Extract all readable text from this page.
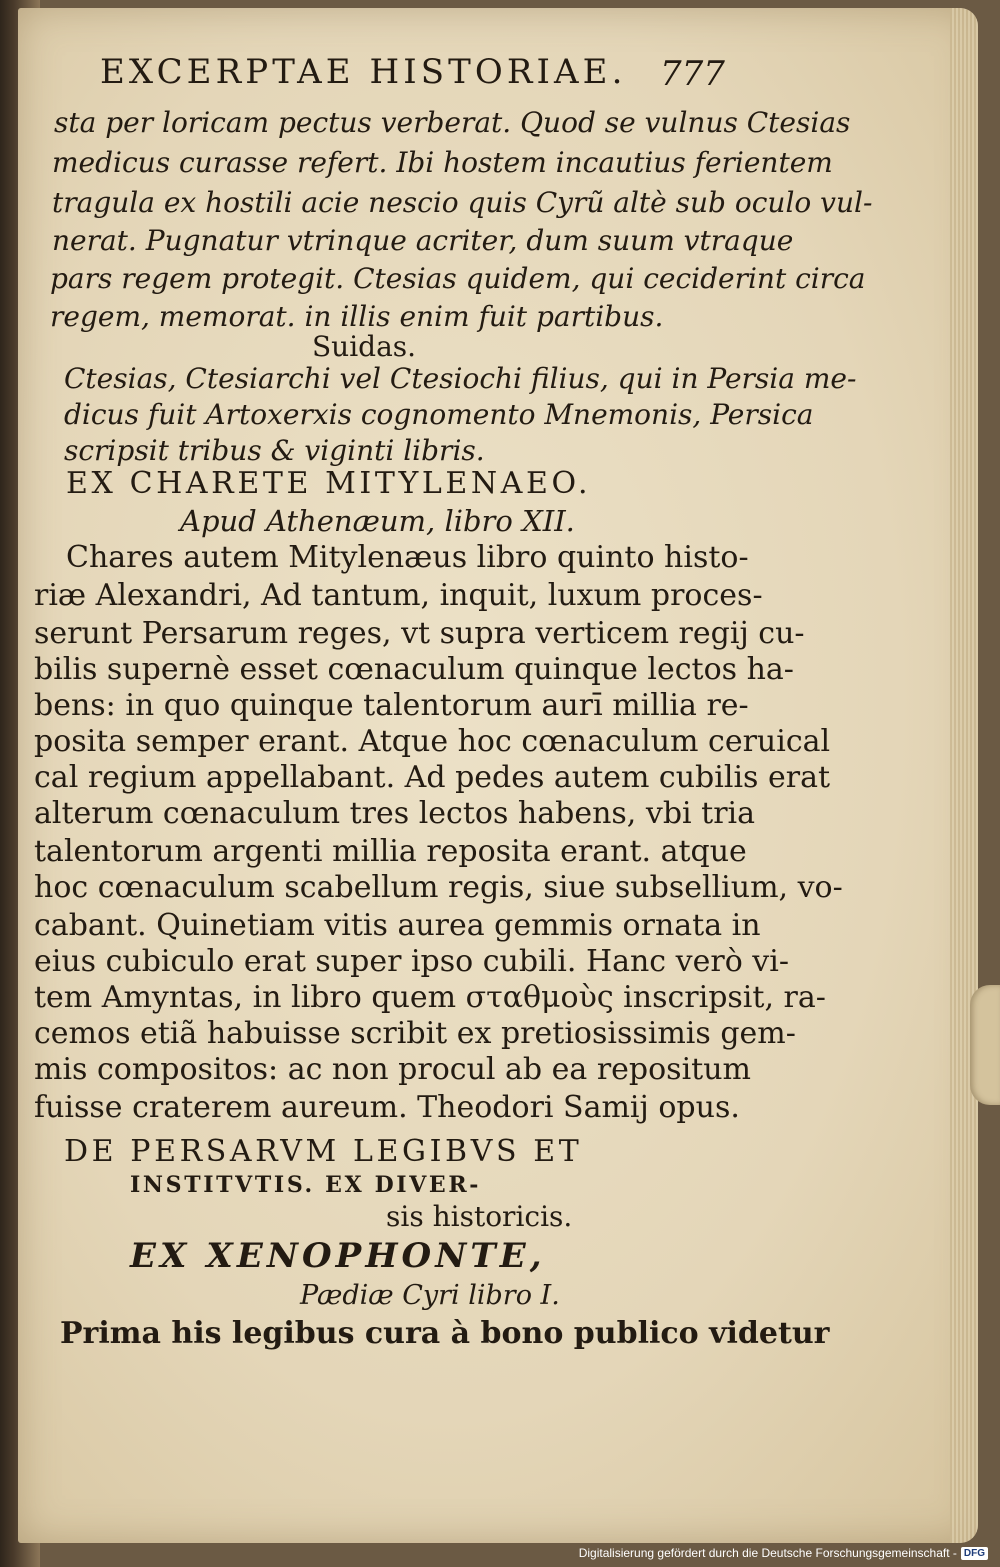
EXCERPTAE HISTORIAE. 777
sta per loricam pectus verberat. Quod se vulnus Ctesias
medicus curasse refert. Ibi hostem incautius ferientem
tragula ex hostili acie nescio quis Cyrũ altè sub oculo vul-
nerat. Pugnatur vtrinque acriter, dum suum vtraque
pars regem protegit. Ctesias quidem, qui ceciderint circa
regem, memorat. in illis enim fuit partibus.
Suidas.
Ctesias, Ctesiarchi vel Ctesiochi filius, qui in Persia me-
dicus fuit Artoxerxis cognomento Mnemonis, Persica
scripsit tribus & viginti libris.
EX CHARETE MITYLENAEO.
Apud Athenæum, libro XII.
Chares autem Mitylenæus libro quinto histo-
riæ Alexandri, Ad tantum, inquit, luxum proces-
serunt Persarum reges, vt supra verticem regij cu-
bilis supernè esset cœnaculum quinque lectos ha-
bens: in quo quinque talentorum aurī millia re-
posita semper erant. Atque hoc cœnaculum ceruical
cal regium appellabant. Ad pedes autem cubilis erat
alterum cœnaculum tres lectos habens, vbi tria
talentorum argenti millia reposita erant. atque
hoc cœnaculum scabellum regis, siue subsellium, vo-
cabant. Quinetiam vitis aurea gemmis ornata in
eius cubiculo erat super ipso cubili. Hanc verò vi-
tem Amyntas, in libro quem σταθμοὺς inscripsit, ra-
cemos etiã habuisse scribit ex pretiosissimis gem-
mis compositos: ac non procul ab ea repositum
fuisse craterem aureum. Theodori Samij opus.
DE PERSARVM LEGIBVS ET
INSTITVTIS. EX DIVER-
sis historicis.
EX XENOPHONTE,
Pædiæ Cyri libro I.
Prima his legibus cura à bono publico videtur
Digitalisierung gefördert durch die Deutsche Forschungsgemeinschaft - DFG
